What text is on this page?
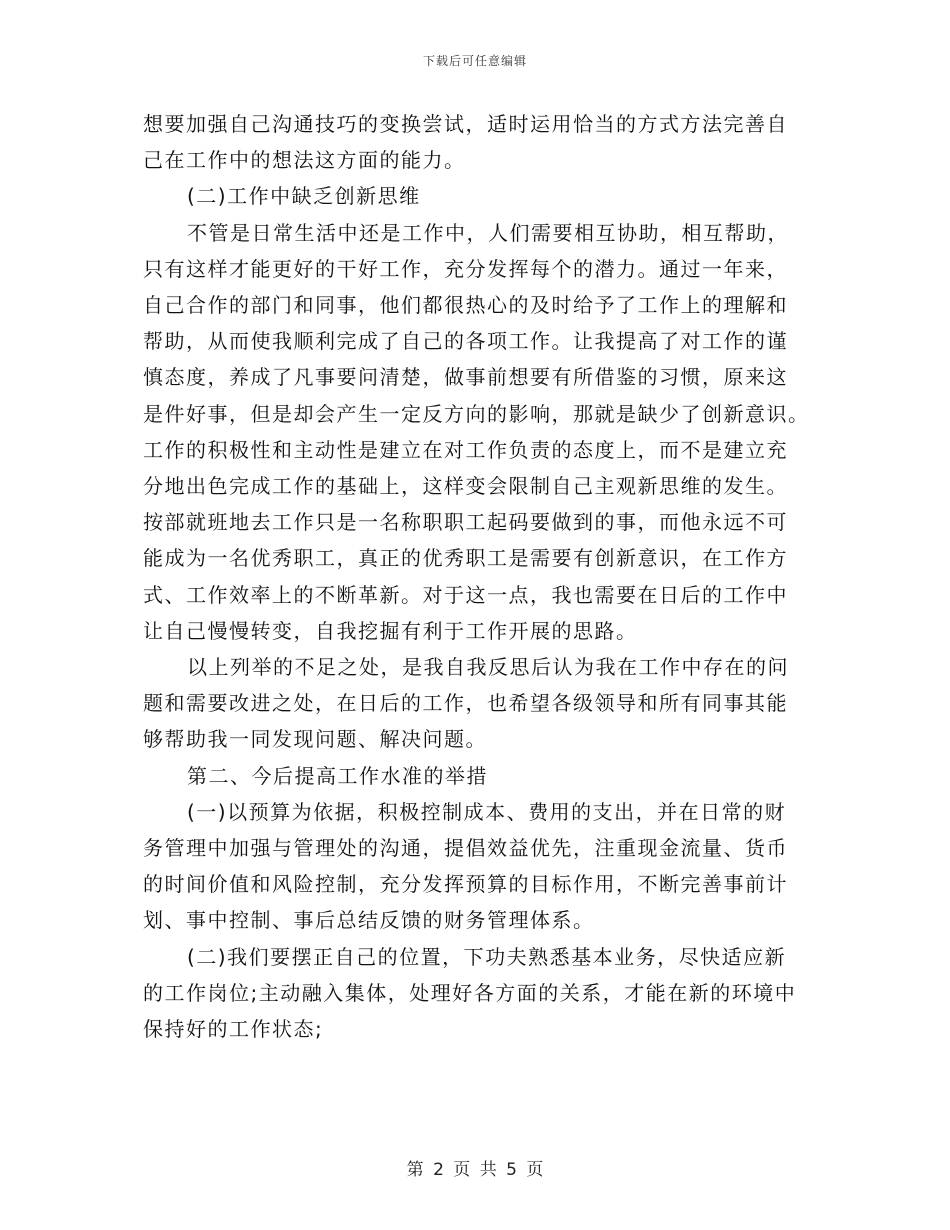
下载后可任意编辑
想要加强自己沟通技巧的变换尝试，适时运用恰当的方式方法完善自
己在工作中的想法这方面的能力。
(二)工作中缺乏创新思维
不管是日常生活中还是工作中，人们需要相互协助，相互帮助，
只有这样才能更好的干好工作，充分发挥每个的潜力。通过一年来，
自己合作的部门和同事，他们都很热心的及时给予了工作上的理解和
帮助，从而使我顺利完成了自己的各项工作。让我提高了对工作的谨
慎态度，养成了凡事要问清楚，做事前想要有所借鉴的习惯，原来这
是件好事，但是却会产生一定反方向的影响，那就是缺少了创新意识。
工作的积极性和主动性是建立在对工作负责的态度上，而不是建立充
分地出色完成工作的基础上，这样变会限制自己主观新思维的发生。
按部就班地去工作只是一名称职职工起码要做到的事，而他永远不可
能成为一名优秀职工，真正的优秀职工是需要有创新意识，在工作方
式、工作效率上的不断革新。对于这一点，我也需要在日后的工作中
让自己慢慢转变，自我挖掘有利于工作开展的思路。
以上列举的不足之处，是我自我反思后认为我在工作中存在的问
题和需要改进之处，在日后的工作，也希望各级领导和所有同事其能
够帮助我一同发现问题、解决问题。
第二、今后提高工作水准的举措
(一)以预算为依据，积极控制成本、费用的支出，并在日常的财
务管理中加强与管理处的沟通，提倡效益优先，注重现金流量、货币
的时间价值和风险控制，充分发挥预算的目标作用，不断完善事前计
划、事中控制、事后总结反馈的财务管理体系。
(二)我们要摆正自己的位置，下功夫熟悉基本业务，尽快适应新
的工作岗位;主动融入集体，处理好各方面的关系，才能在新的环境中
保持好的工作状态;
第 2 页 共 5 页
